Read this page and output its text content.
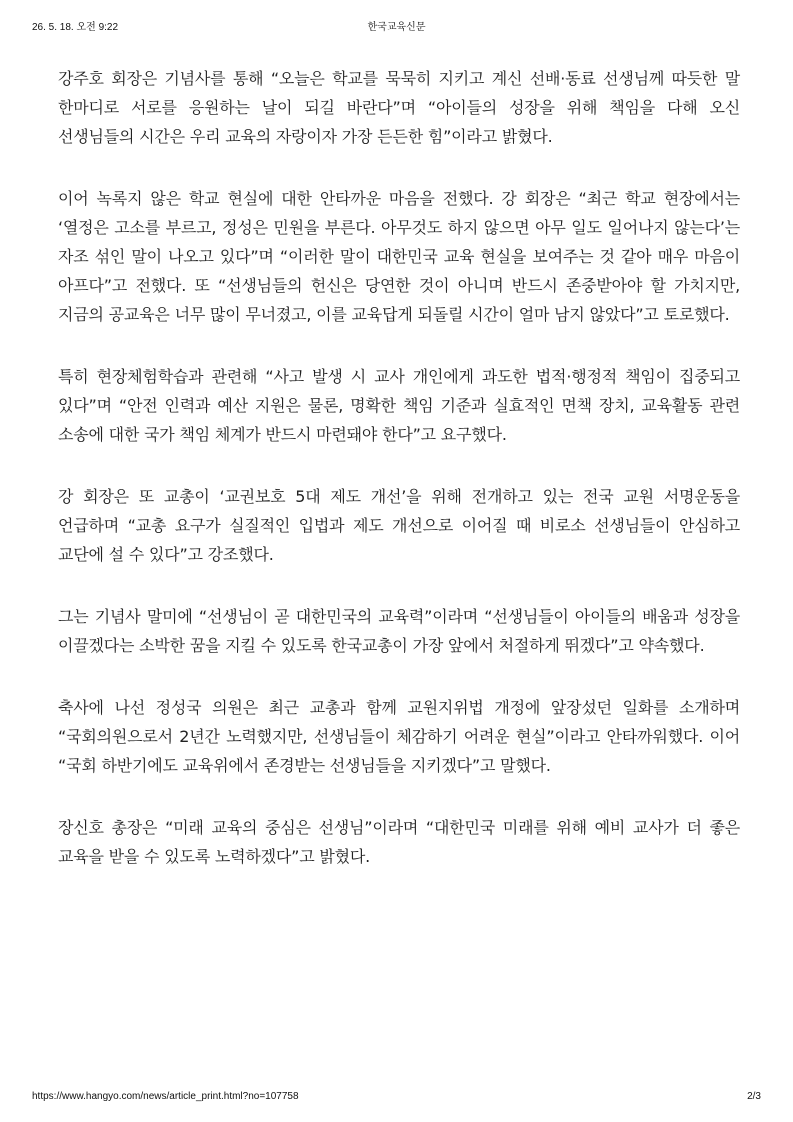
26. 5. 18. 오전 9:22	한국교육신문

강주호 회장은 기념사를 통해 “오늘은 학교를 묵묵히 지키고 계신 선배·동료 선생님께 따듯한 말 한마디로 서로를 응원하는 날이 되길 바란다”며 “아이들의 성장을 위해 책임을 다해 오신 선생님들의 시간은 우리 교육의 자랑이자 가장 든든한 힘”이라고 밝혔다.

이어 녹록지 않은 학교 현실에 대한 안타까운 마음을 전했다. 강 회장은 “최근 학교 현장에서는 ‘열정은 고소를 부르고, 정성은 민원을 부른다. 아무것도 하지 않으면 아무 일도 일어나지 않는다’는 자조 섞인 말이 나오고 있다”며 “이러한 말이 대한민국 교육 현실을 보여주는 것 같아 매우 마음이 아프다”고 전했다. 또 “선생님들의 헌신은 당연한 것이 아니며 반드시 존중받아야 할 가치지만, 지금의 공교육은 너무 많이 무너졌고, 이를 교육답게 되돌릴 시간이 얼마 남지 않았다”고 토로했다.

특히 현장체험학습과 관련해 “사고 발생 시 교사 개인에게 과도한 법적·행정적 책임이 집중되고 있다”며 “안전 인력과 예산 지원은 물론, 명확한 책임 기준과 실효적인 면책 장치, 교육활동 관련 소송에 대한 국가 책임 체계가 반드시 마련돼야 한다”고 요구했다.

강 회장은 또 교총이 ‘교권보호 5대 제도 개선’을 위해 전개하고 있는 전국 교원 서명운동을 언급하며 “교총 요구가 실질적인 입법과 제도 개선으로 이어질 때 비로소 선생님들이 안심하고 교단에 설 수 있다”고 강조했다.

그는 기념사 말미에 “선생님이 곧 대한민국의 교육력”이라며 “선생님들이 아이들의 배움과 성장을 이끌겠다는 소박한 꿈을 지킬 수 있도록 한국교총이 가장 앞에서 처절하게 뛰겠다”고 약속했다.

축사에 나선 정성국 의원은 최근 교총과 함께 교원지위법 개정에 앞장섰던 일화를 소개하며 “국회의원으로서 2년간 노력했지만, 선생님들이 체감하기 어려운 현실”이라고 안타까워했다. 이어 “국회 하반기에도 교육위에서 존경받는 선생님들을 지키겠다”고 말했다.

장신호 총장은 “미래 교육의 중심은 선생님”이라며 “대한민국 미래를 위해 예비 교사가 더 좋은 교육을 받을 수 있도록 노력하겠다”고 밝혔다.

https://www.hangyo.com/news/article_print.html?no=107758	2/3
